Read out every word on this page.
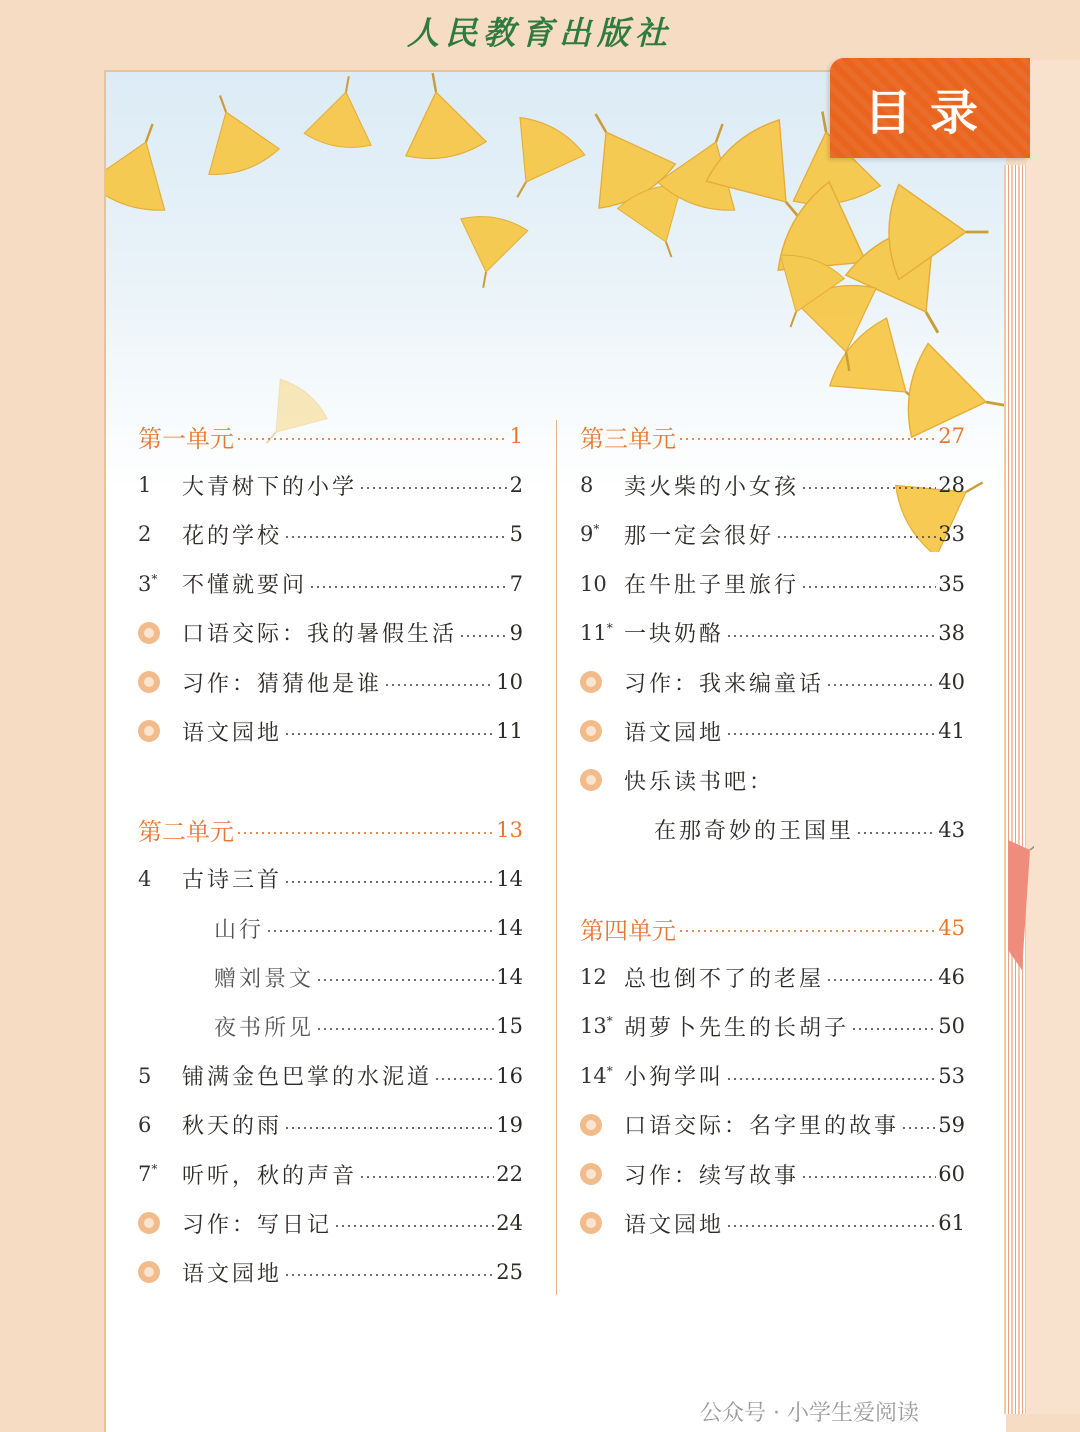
人民教育出版社
目录
第一单元	1
1	大青树下的小学	2
2	花的学校	5
3*	不懂就要问	7
口语交际：我的暑假生活	9
习作：猜猜他是谁	10
语文园地	11
第二单元	13
4	古诗三首	14
山行	14
赠刘景文	14
夜书所见	15
5	铺满金色巴掌的水泥道	16
6	秋天的雨	19
7*	听听，秋的声音	22
习作：写日记	24
语文园地	25
第三单元	27
8	卖火柴的小女孩	28
9*	那一定会很好	33
10 在牛肚子里旅行	35
11* 一块奶酪	38
习作：我来编童话	40
语文园地	41
快乐读书吧：
在那奇妙的王国里	43
第四单元	45
12 总也倒不了的老屋	46
13* 胡萝卜先生的长胡子	50
14* 小狗学叫	53
口语交际：名字里的故事 59
习作：续写故事	60
语文园地	61
公众号 · 小学生爱阅读
